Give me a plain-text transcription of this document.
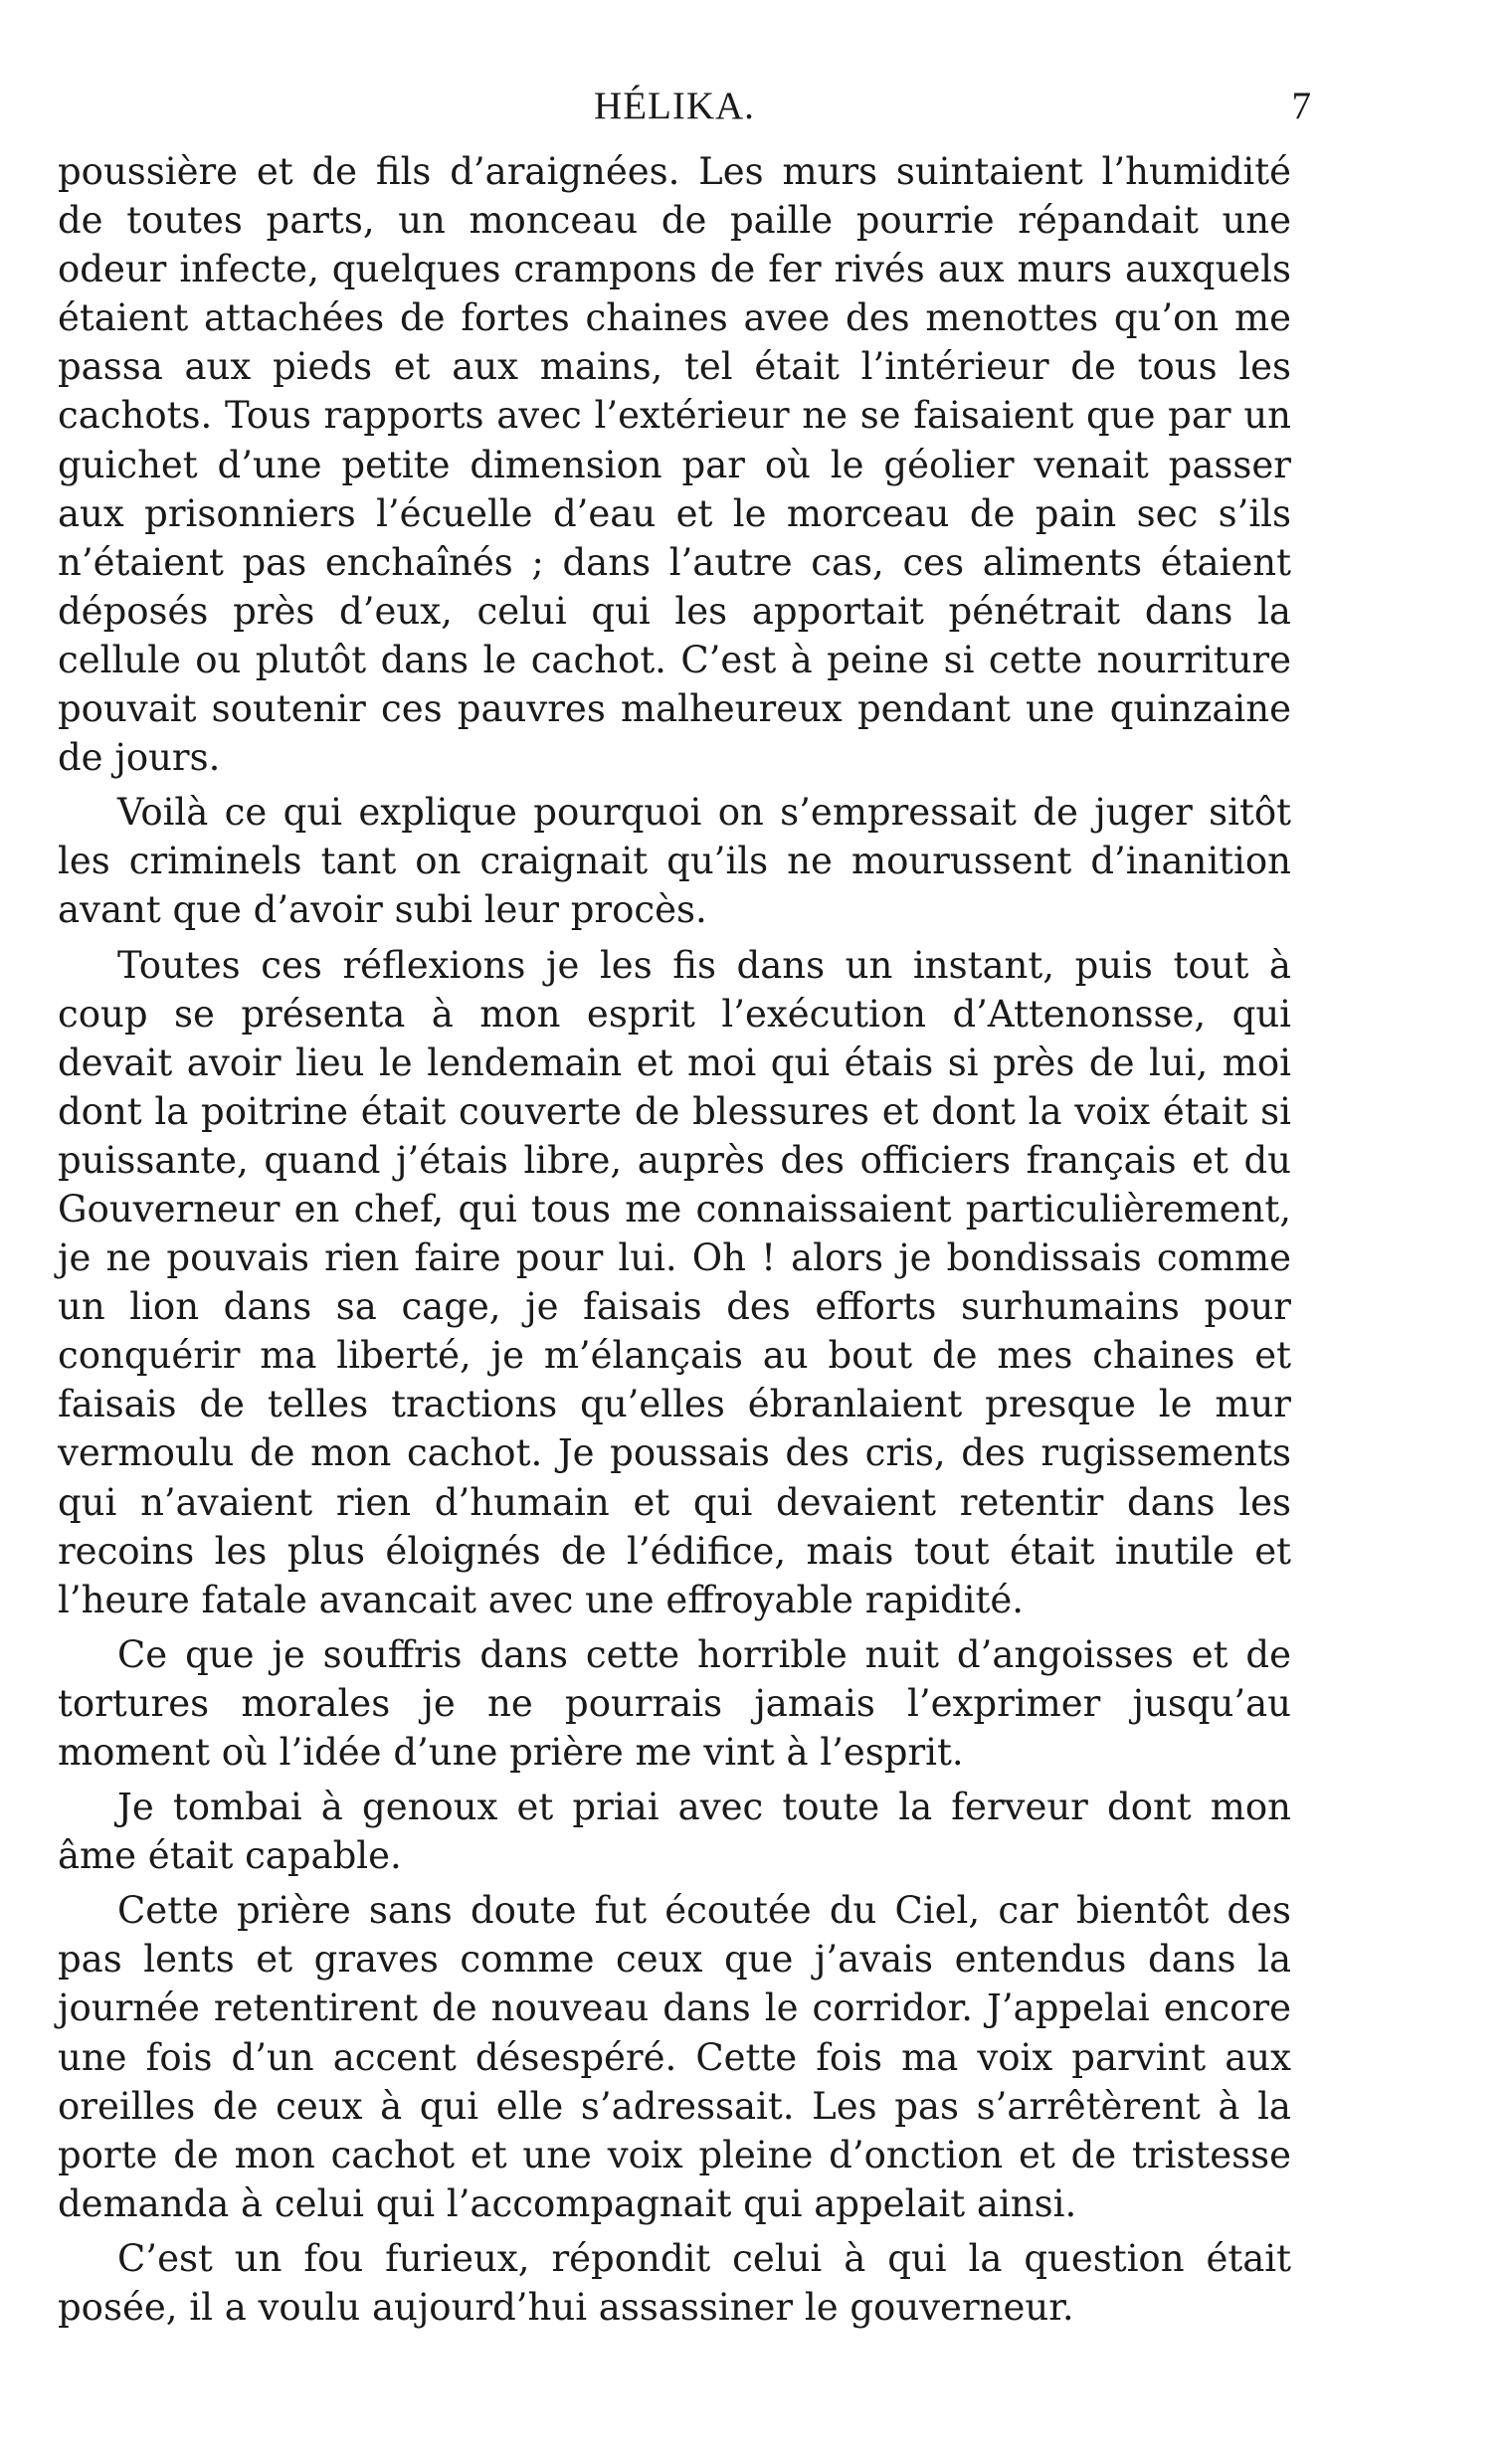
HÉLIKA.	7

poussière et de fils d’araignées. Les murs suintaient l’humidité de toutes parts, un monceau de paille pourrie répandait une odeur infecte, quelques crampons de fer rivés aux murs auxquels étaient attachées de fortes chaines avee des menottes qu’on me passa aux pieds et aux mains, tel était l’intérieur de tous les cachots. Tous rapports avec l’extérieur ne se faisaient que par un guichet d’une petite dimension par où le géolier venait passer aux prisonniers l’écuelle d’eau et le morceau de pain sec s’ils n’étaient pas enchaînés ; dans l’autre cas, ces aliments étaient déposés près d’eux, celui qui les apportait pénétrait dans la cellule ou plutôt dans le cachot. C’est à peine si cette nourriture pouvait soutenir ces pauvres malheureux pendant une quinzaine de jours.

Voilà ce qui explique pourquoi on s’empressait de juger sitôt les criminels tant on craignait qu’ils ne mourussent d’inanition avant que d’avoir subi leur procès.

Toutes ces réflexions je les fis dans un instant, puis tout à coup se présenta à mon esprit l’exécution d’Attenonsse, qui devait avoir lieu le lendemain et moi qui étais si près de lui, moi dont la poitrine était couverte de blessures et dont la voix était si puissante, quand j’étais libre, auprès des officiers français et du Gouverneur en chef, qui tous me connaissaient particulièrement, je ne pouvais rien faire pour lui. Oh ! alors je bondissais comme un lion dans sa cage, je faisais des efforts surhumains pour conquérir ma liberté, je m’élançais au bout de mes chaines et faisais de telles tractions qu’elles ébranlaient presque le mur vermoulu de mon cachot. Je poussais des cris, des rugissements qui n’avaient rien d’humain et qui devaient retentir dans les recoins les plus éloignés de l’édifice, mais tout était inutile et l’heure fatale avancait avec une effroyable rapidité.

Ce que je souffris dans cette horrible nuit d’angoisses et de tortures morales je ne pourrais jamais l’exprimer jusqu’au moment où l’idée d’une prière me vint à l’esprit.

Je tombai à genoux et priai avec toute la ferveur dont mon âme était capable.

Cette prière sans doute fut écoutée du Ciel, car bientôt des pas lents et graves comme ceux que j’avais entendus dans la journée retentirent de nouveau dans le corridor. J’appelai encore une fois d’un accent désespéré. Cette fois ma voix parvint aux oreilles de ceux à qui elle s’adressait. Les pas s’arrêtèrent à la porte de mon cachot et une voix pleine d’onction et de tristesse demanda à celui qui l’accompagnait qui appelait ainsi.

C’est un fou furieux, répondit celui à qui la question était posée, il a voulu aujourd’hui assassiner le gouverneur.
